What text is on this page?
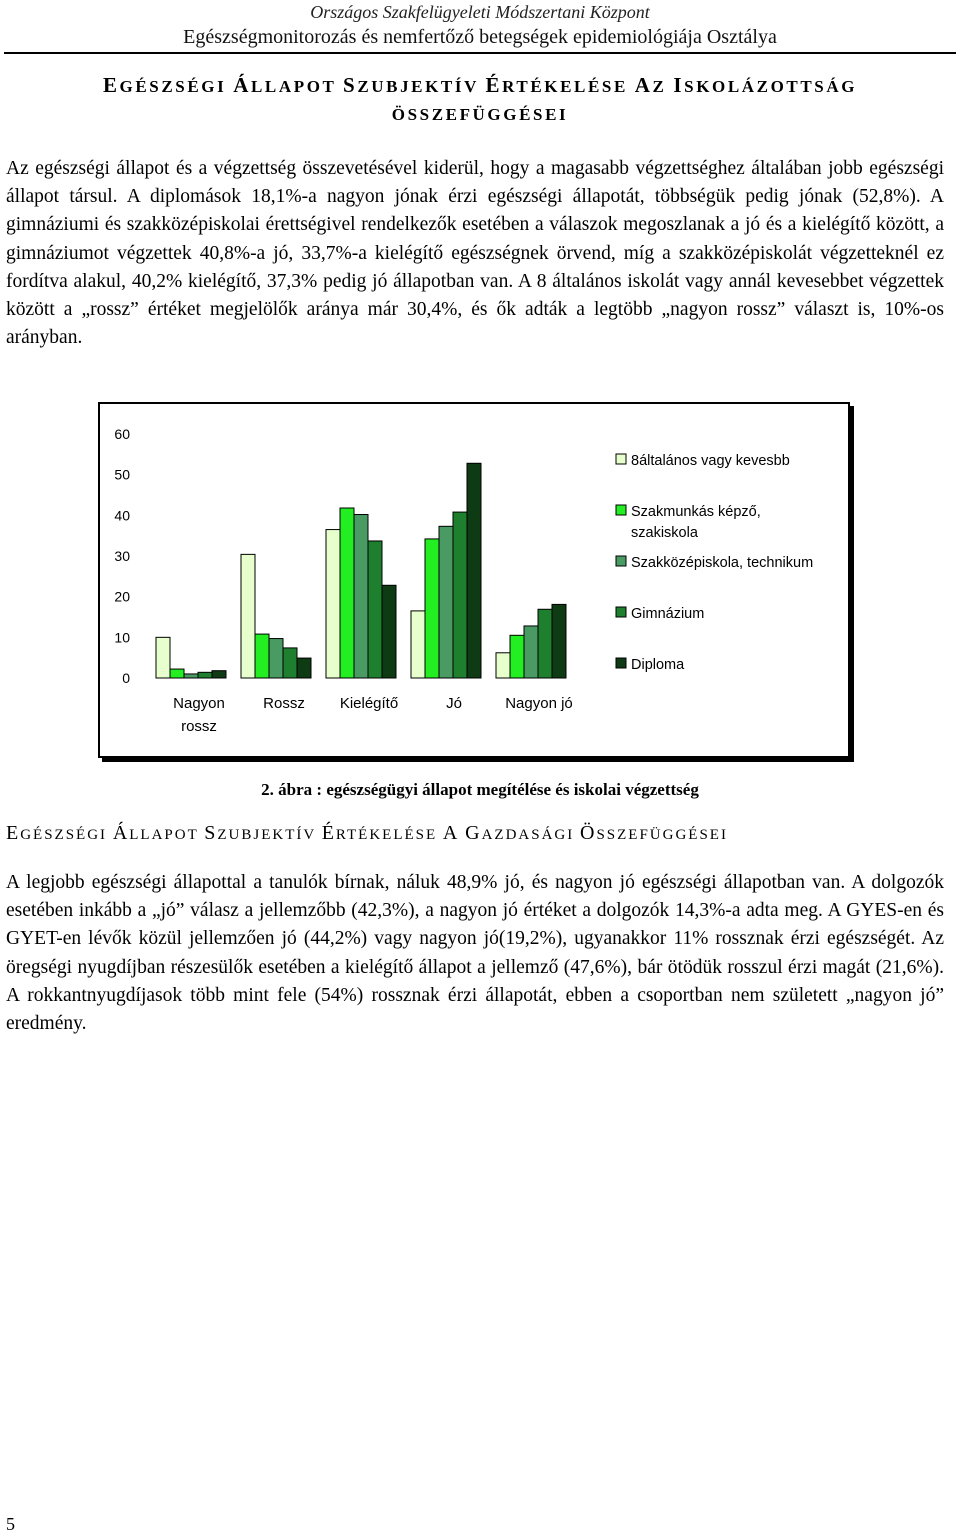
Országos Szakfelügyeleti Módszertani Központ
Egészségmonitorozás és nemfertőző betegségek epidemiológiája Osztálya
EGÉSZSÉGI ÁLLAPOT SZUBJEKTÍV ÉRTÉKELÉSE AZ ISKOLÁZOTTSÁG
ÖSSZEFÜGGÉSEI
Az egészségi állapot és a végzettség összevetésével kiderül, hogy a magasabb végzettséghez általában jobb egészségi állapot társul. A diplomások 18,1%-a nagyon jónak érzi egészségi állapotát, többségük pedig jónak (52,8%). A gimnáziumi és szakközépiskolai érettségivel rendelkezők esetében a válaszok megoszlanak a jó és a kielégítő között, a gimnáziumot végzettek 40,8%-a jó, 33,7%-a kielégítő egészségnek örvend, míg a szakközépiskolát végzetteknél ez fordítva alakul, 40,2% kielégítő, 37,3% pedig jó állapotban van. A 8 általános iskolát vagy annál kevesebbet végzettek között a „rossz” értéket megjelölők aránya már 30,4%, és ők adták a legtöbb „nagyon rossz” választ is, 10%-os arányban.
0
10
20
30
40
50
60
Nagyon
rossz
Rossz Kielégítő	Jó	Nagyon jó
8általános vagy kevesbb
Szakmunkás képző,
szakiskola
Szakközépiskola, technikum
Gimnázium
Diploma
2. ábra : egészségügyi állapot megítélése és iskolai végzettség
EGÉSZSÉGI ÁLLAPOT SZUBJEKTÍV ÉRTÉKELÉSE A GAZDASÁGI ÖSSZEFÜGGÉSEI
A legjobb egészségi állapottal a tanulók bírnak, náluk 48,9% jó, és nagyon jó egészségi állapotban van. A dolgozók esetében inkább a „jó” válasz a jellemzőbb (42,3%), a nagyon jó értéket a dolgozók 14,3%-a adta meg. A GYES-en és GYET-en lévők közül jellemzően jó (44,2%) vagy nagyon jó(19,2%), ugyanakkor 11% rossznak érzi egészségét. Az öregségi nyugdíjban részesülők esetében a kielégítő állapot a jellemző (47,6%), bár ötödük rosszul érzi magát (21,6%). A rokkantnyugdíjasok több mint fele (54%) rossznak érzi állapotát, ebben a csoportban nem született „nagyon jó” eredmény.
5
